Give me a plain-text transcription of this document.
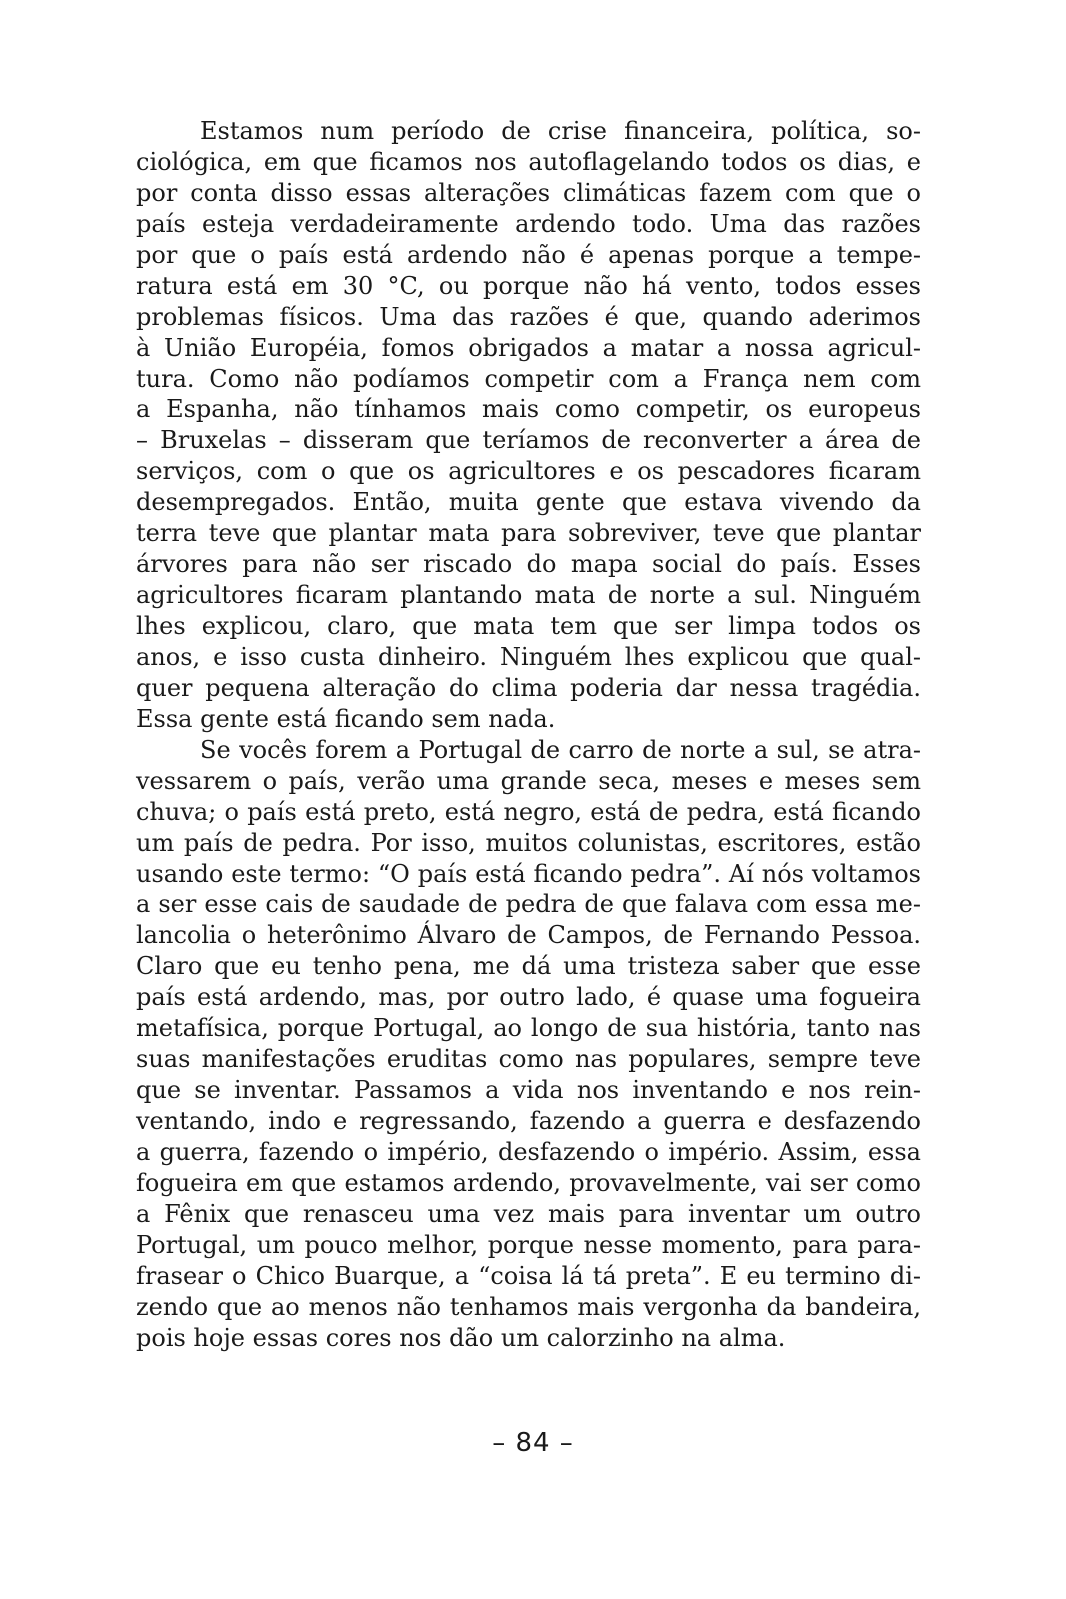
Estamos num período de crise financeira, política, so-
ciológica, em que ficamos nos autoflagelando todos os dias, e
por conta disso essas alterações climáticas fazem com que o
país esteja verdadeiramente ardendo todo. Uma das razões
por que o país está ardendo não é apenas porque a tempe-
ratura está em 30 °C, ou porque não há vento, todos esses
problemas físicos. Uma das razões é que, quando aderimos
à União Européia, fomos obrigados a matar a nossa agricul-
tura. Como não podíamos competir com a França nem com
a Espanha, não tínhamos mais como competir, os europeus
– Bruxelas – disseram que teríamos de reconverter a área de
serviços, com o que os agricultores e os pescadores ficaram
desempregados. Então, muita gente que estava vivendo da
terra teve que plantar mata para sobreviver, teve que plantar
árvores para não ser riscado do mapa social do país. Esses
agricultores ficaram plantando mata de norte a sul. Ninguém
lhes explicou, claro, que mata tem que ser limpa todos os
anos, e isso custa dinheiro. Ninguém lhes explicou que qual-
quer pequena alteração do clima poderia dar nessa tragédia.
Essa gente está ficando sem nada.
Se vocês forem a Portugal de carro de norte a sul, se atra-
vessarem o país, verão uma grande seca, meses e meses sem
chuva; o país está preto, está negro, está de pedra, está ficando
um país de pedra. Por isso, muitos colunistas, escritores, estão
usando este termo: “O país está ficando pedra”. Aí nós voltamos
a ser esse cais de saudade de pedra de que falava com essa me-
lancolia o heterônimo Álvaro de Campos, de Fernando Pessoa.
Claro que eu tenho pena, me dá uma tristeza saber que esse
país está ardendo, mas, por outro lado, é quase uma fogueira
metafísica, porque Portugal, ao longo de sua história, tanto nas
suas manifestações eruditas como nas populares, sempre teve
que se inventar. Passamos a vida nos inventando e nos rein-
ventando, indo e regressando, fazendo a guerra e desfazendo
a guerra, fazendo o império, desfazendo o império. Assim, essa
fogueira em que estamos ardendo, provavelmente, vai ser como
a Fênix que renasceu uma vez mais para inventar um outro
Portugal, um pouco melhor, porque nesse momento, para para-
frasear o Chico Buarque, a “coisa lá tá preta”. E eu termino di-
zendo que ao menos não tenhamos mais vergonha da bandeira,
pois hoje essas cores nos dão um calorzinho na alma.
– 84 –
